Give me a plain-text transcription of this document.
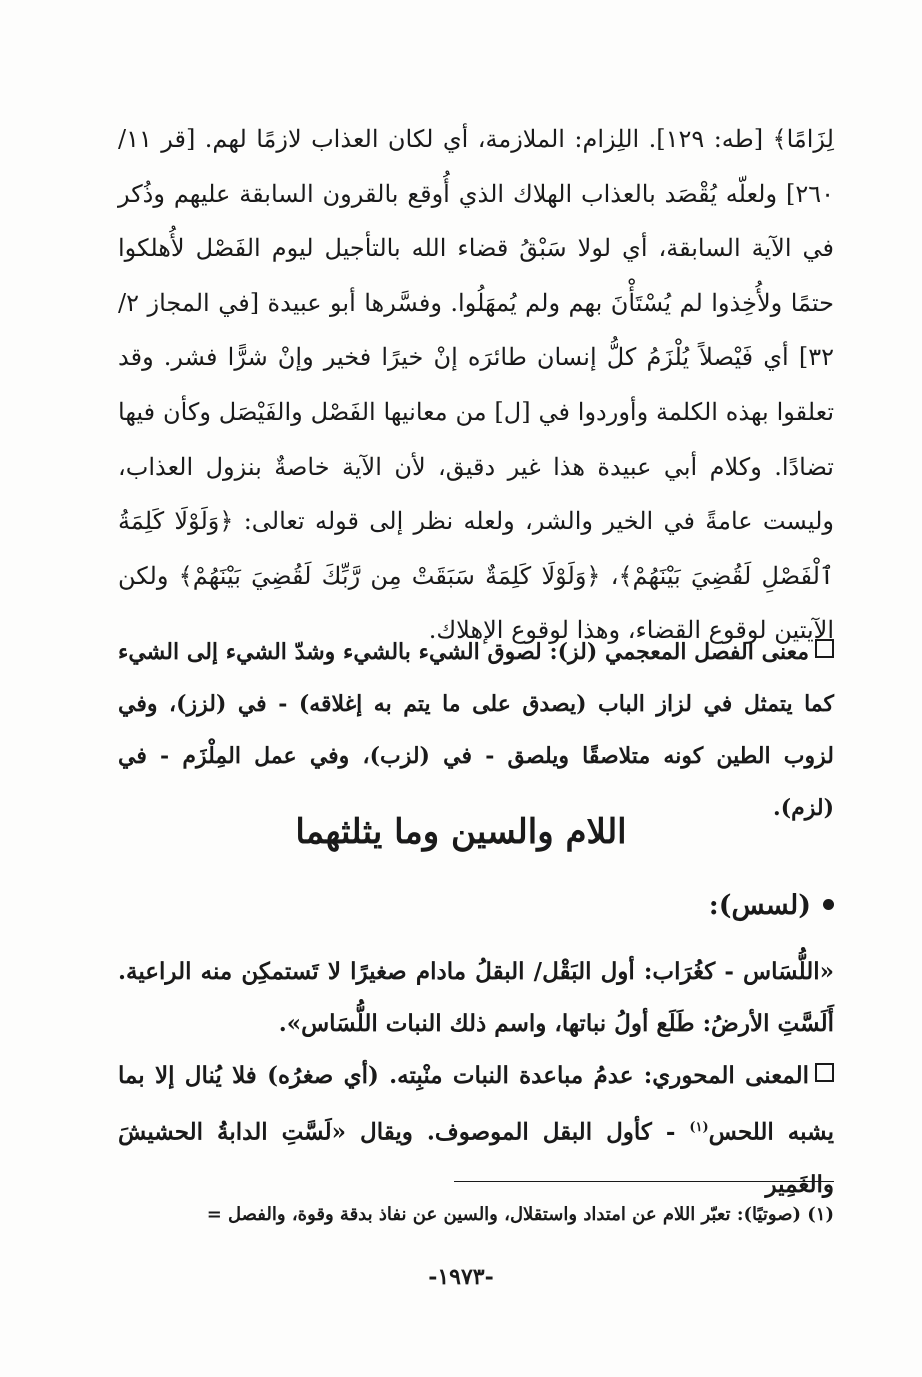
لِزَامًا﴾ [طه: ١٢٩]. اللِزام: الملازمة، أي لكان العذاب لازمًا لهم. [قر ١١/ ٢٦٠] ولعلّه يُقْصَد بالعذاب الهلاك الذي أُوقع بالقرون السابقة عليهم وذُكر في الآية السابقة، أي لولا سَبْقُ قضاء الله بالتأجيل ليوم الفَصْل لأُهلكوا حتمًا ولأُخِذوا لم يُسْتَأْنَ بهم ولم يُمهَلُوا. وفسَّرها أبو عبيدة [في المجاز ٢/ ٣٢] أي فَيْصلاً يُلْزَمُ كلُّ إنسان طائرَه إنْ خيرًا فخير وإنْ شرًّا فشر. وقد تعلقوا بهذه الكلمة وأوردوا في [ل] من معانيها الفَصْل والفَيْصَل وكأن فيها تضادًا. وكلام أبي عبيدة هذا غير دقيق، لأن الآية خاصةٌ بنزول العذاب، وليست عامةً في الخير والشر، ولعله نظر إلى قوله تعالى: ﴿وَلَوْلَا كَلِمَةُ ٱلْفَصْلِ لَقُضِيَ بَيْنَهُمْ﴾، ﴿وَلَوْلَا كَلِمَةٌ سَبَقَتْ مِن رَّبِّكَ لَقُضِيَ بَيْنَهُمْ﴾ ولكن الآيتين لوقوع القضاء، وهذا لوقوع الإهلاك.

معنى الفصل المعجمي (لز): لصوق الشيء بالشيء وشدّ الشيء إلى الشيء كما يتمثل في لزاز الباب (يصدق على ما يتم به إغلاقه) - في (لزز)، وفي لزوب الطين كونه متلاصقًا ويلصق - في (لزب)، وفي عمل المِلْزَم - في (لزم).

اللام والسين وما يثلثهما
(لسس):

«اللُّسَاس - كغُرَاب: أول البَقْل/ البقلُ مادام صغيرًا لا تَستمكِن منه الراعية. أَلَسَّتِ الأرضُ: طَلَع أولُ نباتها، واسم ذلك النبات اللُّسَاس».

المعنى المحوري: عدمُ مباعدة النبات منْبِته. (أي صغرُه) فلا يُنال إلا بما يشبه اللحس$^{(١)}$ - كأول البقل الموصوف. ويقال «لَسَّتِ الدابةُ الحشيشَ والغَمِير

(١) (صوتيًا): تعبّر اللام عن امتداد واستقلال، والسين عن نفاذ بدقة وقوة، والفصل =
-١٩٧٣-
